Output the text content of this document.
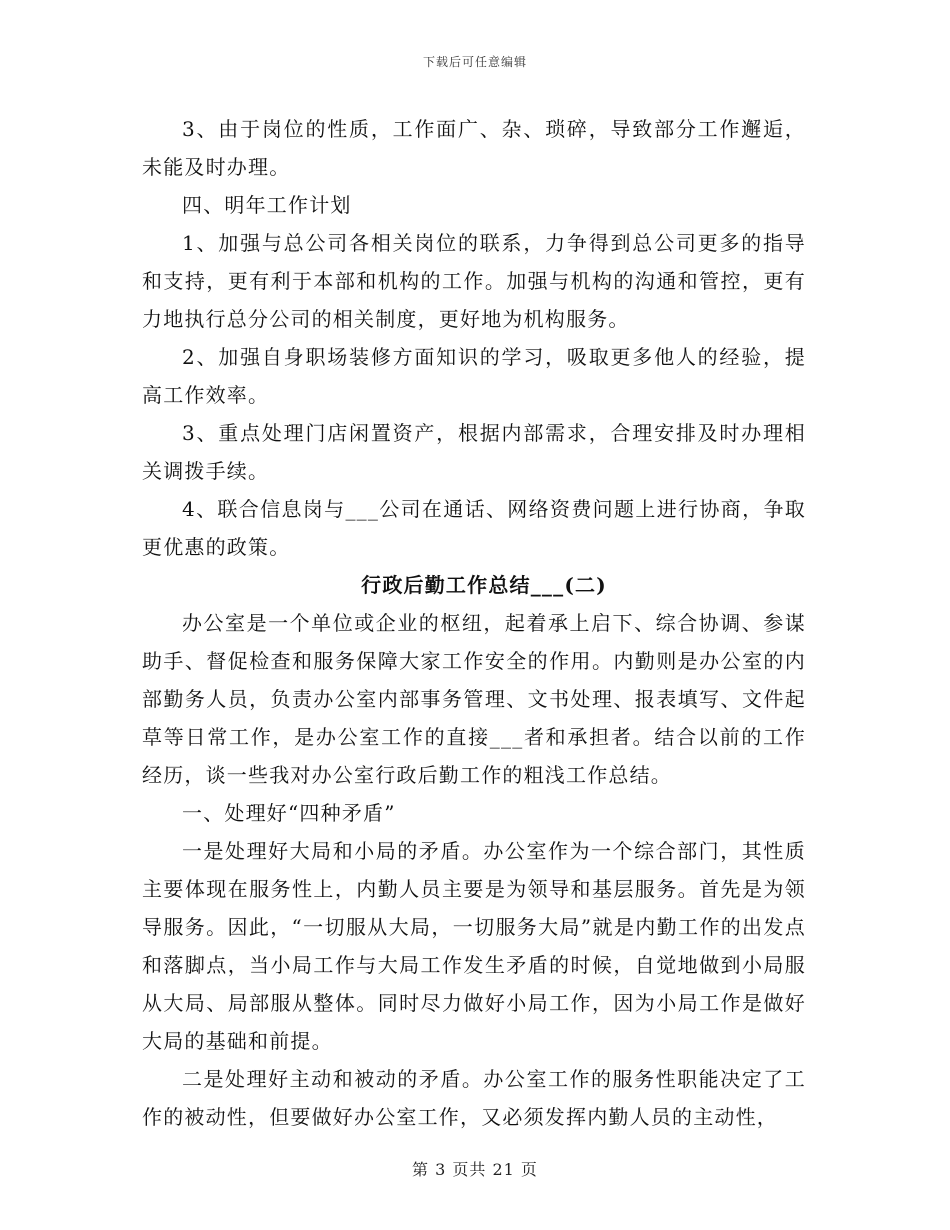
下载后可任意编辑

3、由于岗位的性质，工作面广、杂、琐碎，导致部分工作邂逅，未能及时办理。

四、明年工作计划

1、加强与总公司各相关岗位的联系，力争得到总公司更多的指导和支持，更有利于本部和机构的工作。加强与机构的沟通和管控，更有力地执行总分公司的相关制度，更好地为机构服务。

2、加强自身职场装修方面知识的学习，吸取更多他人的经验，提高工作效率。

3、重点处理门店闲置资产，根据内部需求，合理安排及时办理相关调拨手续。

4、联合信息岗与___公司在通话、网络资费问题上进行协商，争取更优惠的政策。

行政后勤工作总结___(二)

办公室是一个单位或企业的枢纽，起着承上启下、综合协调、参谋助手、督促检查和服务保障大家工作安全的作用。内勤则是办公室的内部勤务人员，负责办公室内部事务管理、文书处理、报表填写、文件起草等日常工作，是办公室工作的直接___者和承担者。结合以前的工作经历，谈一些我对办公室行政后勤工作的粗浅工作总结。

一、处理好“四种矛盾”

一是处理好大局和小局的矛盾。办公室作为一个综合部门，其性质主要体现在服务性上，内勤人员主要是为领导和基层服务。首先是为领导服务。因此，“一切服从大局，一切服务大局”就是内勤工作的出发点和落脚点，当小局工作与大局工作发生矛盾的时候，自觉地做到小局服从大局、局部服从整体。同时尽力做好小局工作，因为小局工作是做好大局的基础和前提。

二是处理好主动和被动的矛盾。办公室工作的服务性职能决定了工作的被动性，但要做好办公室工作，又必须发挥内勤人员的主动性，

第 3 页共 21 页
